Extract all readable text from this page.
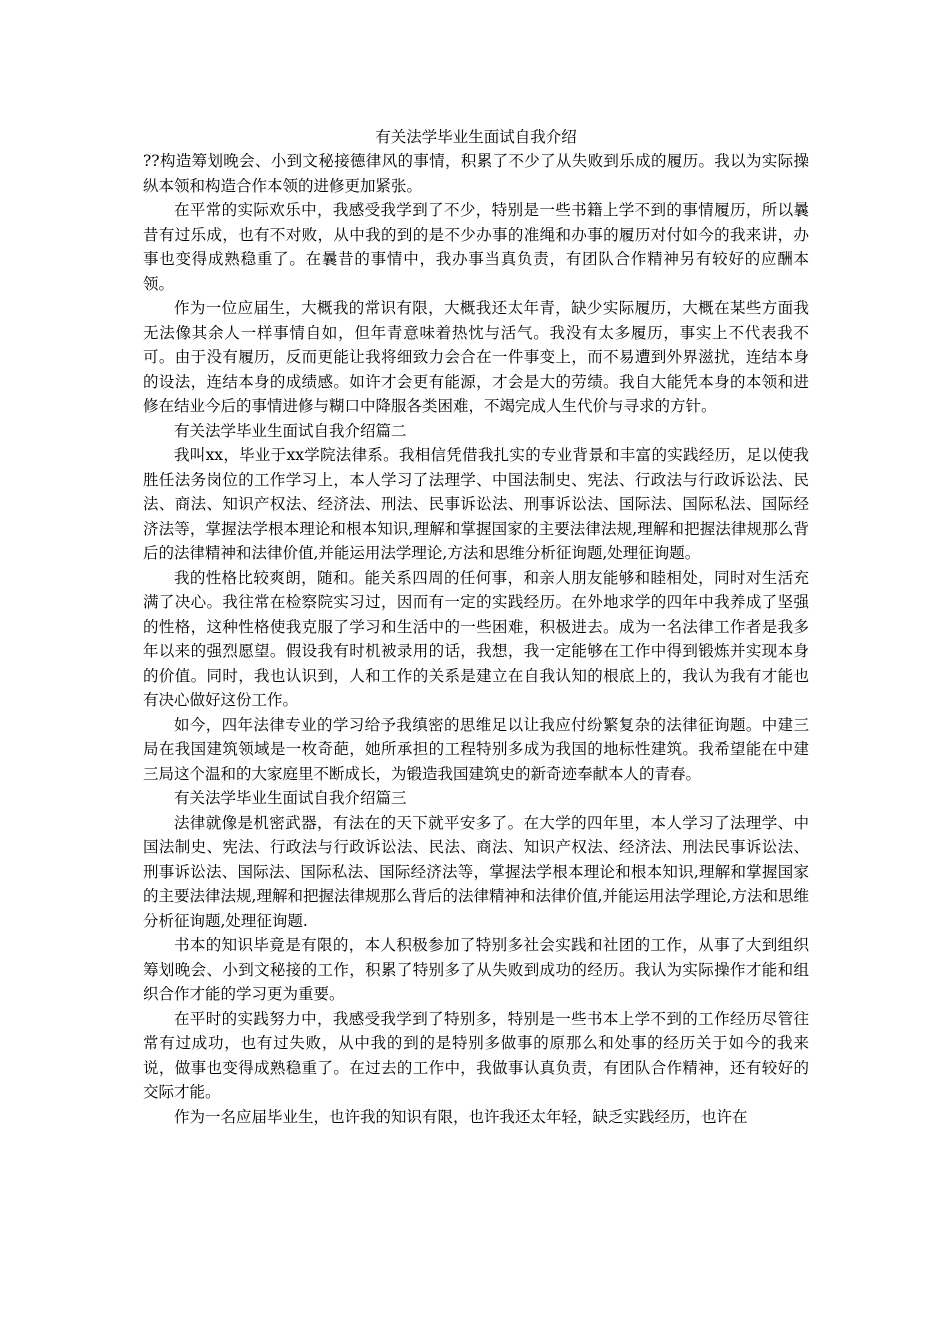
有关法学毕业生面试自我介绍

??构造筹划晚会、小到文秘接德律风的事情，积累了不少了从失败到乐成的履历。我以为实际操纵本领和构造合作本领的进修更加紧张。

在平常的实际欢乐中，我感受我学到了不少，特别是一些书籍上学不到的事情履历，所以曩昔有过乐成，也有不对败，从中我的到的是不少办事的准绳和办事的履历对付如今的我来讲，办事也变得成熟稳重了。在曩昔的事情中，我办事当真负责，有团队合作精神另有较好的应酬本领。

作为一位应届生，大概我的常识有限，大概我还太年青，缺少实际履历，大概在某些方面我无法像其余人一样事情自如，但年青意味着热忱与活气。我没有太多履历，事实上不代表我不可。由于没有履历，反而更能让我将细致力会合在一件事变上，而不易遭到外界滋扰，连结本身的设法，连结本身的成绩感。如许才会更有能源，才会是大的劳绩。我自大能凭本身的本领和进修在结业今后的事情进修与糊口中降服各类困难，不竭完成人生代价与寻求的方针。

有关法学毕业生面试自我介绍篇二

我叫xx，毕业于xx学院法律系。我相信凭借我扎实的专业背景和丰富的实践经历，足以使我胜任法务岗位的工作学习上，本人学习了法理学、中国法制史、宪法、行政法与行政诉讼法、民法、商法、知识产权法、经济法、刑法、民事诉讼法、刑事诉讼法、国际法、国际私法、国际经济法等，掌握法学根本理论和根本知识,理解和掌握国家的主要法律法规,理解和把握法律规那么背后的法律精神和法律价值,并能运用法学理论,方法和思维分析征询题,处理征询题。

我的性格比较爽朗，随和。能关系四周的任何事，和亲人朋友能够和睦相处，同时对生活充满了决心。我往常在检察院实习过，因而有一定的实践经历。在外地求学的四年中我养成了坚强的性格，这种性格使我克服了学习和生活中的一些困难，积极进去。成为一名法律工作者是我多年以来的强烈愿望。假设我有时机被录用的话，我想，我一定能够在工作中得到锻炼并实现本身的价值。同时，我也认识到，人和工作的关系是建立在自我认知的根底上的，我认为我有才能也有决心做好这份工作。

如今，四年法律专业的学习给予我缜密的思维足以让我应付纷繁复杂的法律征询题。中建三局在我国建筑领域是一枚奇葩，她所承担的工程特别多成为我国的地标性建筑。我希望能在中建三局这个温和的大家庭里不断成长，为锻造我国建筑史的新奇迹奉献本人的青春。

有关法学毕业生面试自我介绍篇三

法律就像是机密武器，有法在的天下就平安多了。在大学的四年里，本人学习了法理学、中国法制史、宪法、行政法与行政诉讼法、民法、商法、知识产权法、经济法、刑法民事诉讼法、刑事诉讼法、国际法、国际私法、国际经济法等，掌握法学根本理论和根本知识,理解和掌握国家的主要法律法规,理解和把握法律规那么背后的法律精神和法律价值,并能运用法学理论,方法和思维分析征询题,处理征询题.

书本的知识毕竟是有限的，本人积极参加了特别多社会实践和社团的工作，从事了大到组织筹划晚会、小到文秘接的工作，积累了特别多了从失败到成功的经历。我认为实际操作才能和组织合作才能的学习更为重要。

在平时的实践努力中，我感受我学到了特别多，特别是一些书本上学不到的工作经历尽管往常有过成功，也有过失败，从中我的到的是特别多做事的原那么和处事的经历关于如今的我来说，做事也变得成熟稳重了。在过去的工作中，我做事认真负责，有团队合作精神，还有较好的交际才能。

作为一名应届毕业生，也许我的知识有限，也许我还太年轻，缺乏实践经历，也许在
